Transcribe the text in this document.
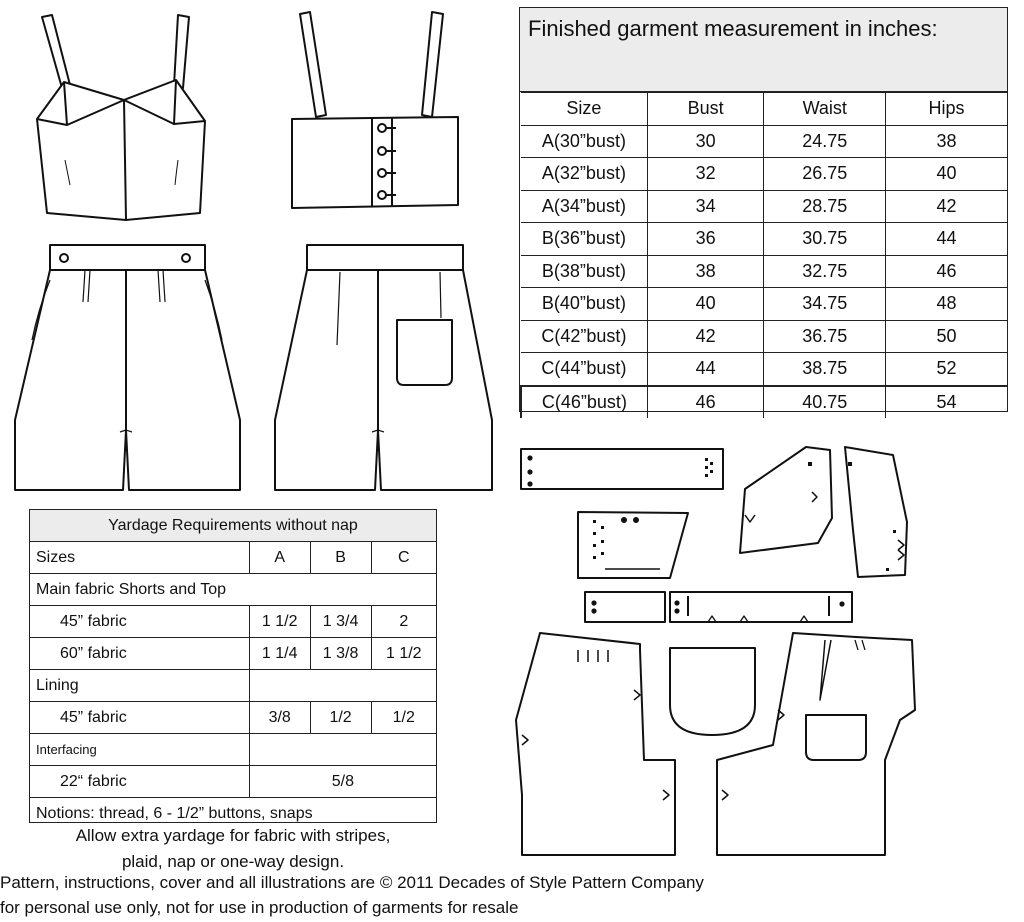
Finished garment measurement in inches:
Size	Bust	Waist	Hips
A(30”bust)	30	24.75	38
A(32”bust)	32	26.75	40
A(34”bust)	34	28.75	42
B(36”bust)	36	30.75	44
B(38”bust)	38	32.75	46
B(40”bust)	40	34.75	48
C(42”bust)	42	36.75	50
C(44”bust)	44	38.75	52
C(46”bust)	46	40.75	54
Yardage Requirements without nap			
Sizes	A	B	C
Main fabric Shorts and Top			
45” fabric	1 1/2	1 3/4	2
60” fabric	1 1/4	1 3/8	1 1/2
Lining			
45” fabric	3/8	1/2	1/2
Interfacing			
22“ fabric	5/8		
Notions: thread, 6 - 1/2” buttons, snaps			
Allow extra yardage for fabric with stripes,
plaid, nap or one-way design.
Pattern, instructions, cover and all illustrations are © 2011 Decades of Style Pattern Company
for personal use only, not for use in production of garments for resale
